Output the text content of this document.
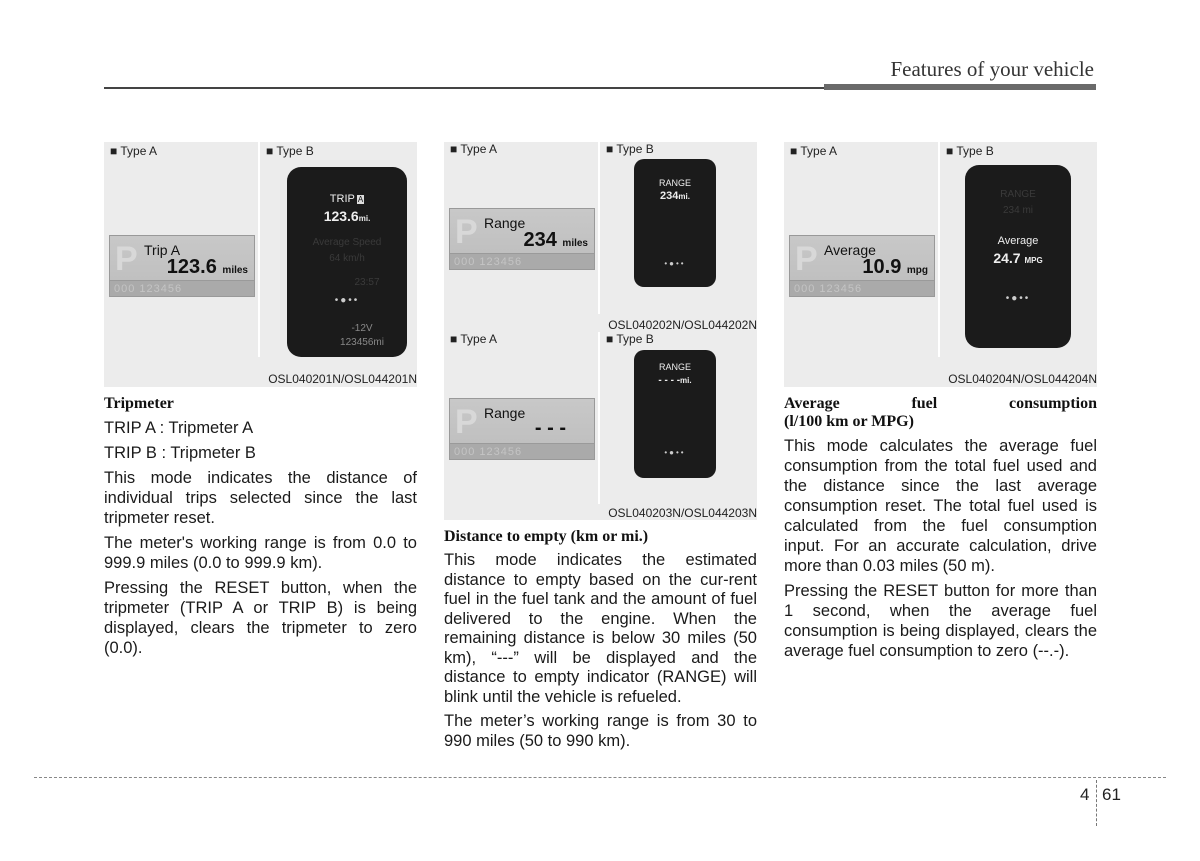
Features of your vehicle
■ Type A	■ Type B
P Trip A
123.6 miles
000 123456
TRIP A
123.6mi.
Average Speed
64 km/h
23:57
•●••
-12V
123456mi
OSL040201N/OSL044201N
Tripmeter
TRIP A : Tripmeter A
TRIP B : Tripmeter B
This mode indicates the distance of individual trips selected since the last tripmeter reset.
The meter's working range is from 0.0 to 999.9 miles (0.0 to 999.9 km).
Pressing the RESET button, when the tripmeter (TRIP A or TRIP B) is being displayed, clears the tripmeter to zero (0.0).
■ Type A	■ Type B
P Range
234 miles
000 123456
RANGE
234mi.
•●••
OSL040202N/OSL044202N
■ Type A	■ Type B
P Range
- - -
000 123456
RANGE
- - - -mi.
•●••
OSL040203N/OSL044203N
Distance to empty (km or mi.)
This mode indicates the estimated distance to empty based on the cur-rent fuel in the fuel tank and the amount of fuel delivered to the engine. When the remaining distance is below 30 miles (50 km), “---” will be displayed and the distance to empty indicator (RANGE) will blink until the vehicle is refueled.
The meter’s working range is from 30 to 990 miles (50 to 990 km).
■ Type A	■ Type B
P Average
10.9 mpg
000 123456
RANGE
234 mi
Average
24.7 MPG
•●••
OSL040204N/OSL044204N
Average fuel consumption
(l/100 km or MPG)
This mode calculates the average fuel consumption from the total fuel used and the distance since the last average consumption reset. The total fuel used is calculated from the fuel consumption input. For an accurate calculation, drive more than 0.03 miles (50 m).
Pressing the RESET button for more than 1 second, when the average fuel consumption is being displayed, clears the average fuel consumption to zero (--.-).
4 61
